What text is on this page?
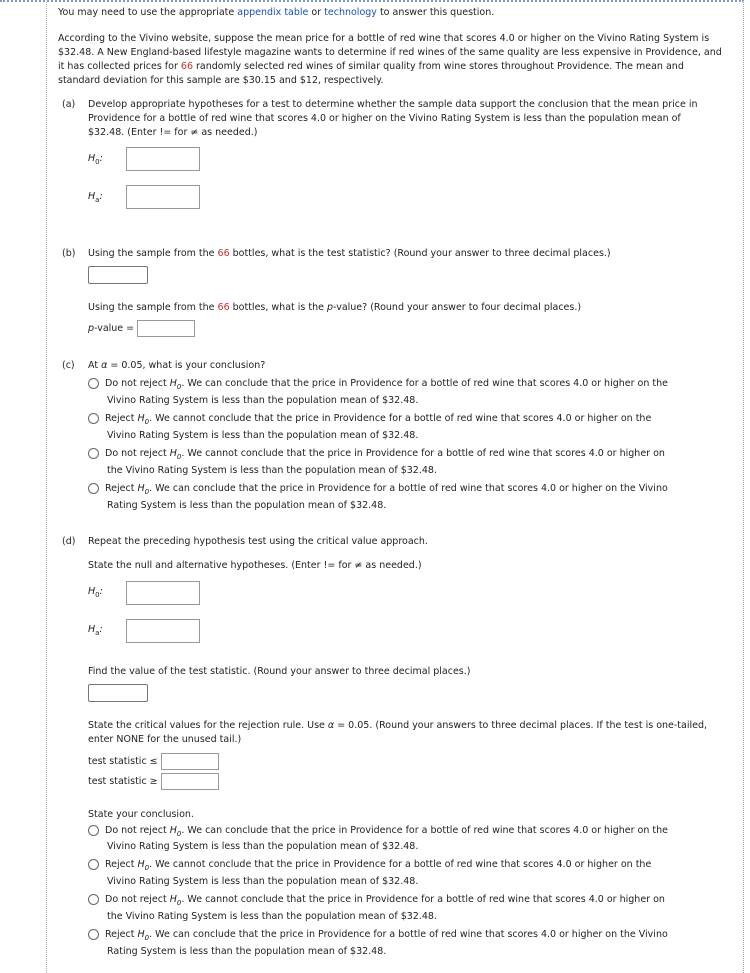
You may need to use the appropriate appendix table or technology to answer this question.
According to the Vivino website, suppose the mean price for a bottle of red wine that scores 4.0 or higher on the Vivino Rating System is $32.48. A New England-based lifestyle magazine wants to determine if red wines of the same quality are less expensive in Providence, and it has collected prices for 66 randomly selected red wines of similar quality from wine stores throughout Providence. The mean and standard deviation for this sample are $30.15 and $12, respectively.
(a) Develop appropriate hypotheses for a test to determine whether the sample data support the conclusion that the mean price in Providence for a bottle of red wine that scores 4.0 or higher on the Vivino Rating System is less than the population mean of $32.48. (Enter != for ≠ as needed.)
$H_0$:
$H_a$:
(b) Using the sample from the 66 bottles, what is the test statistic? (Round your answer to three decimal places.)
Using the sample from the 66 bottles, what is the p-value? (Round your answer to four decimal places.)
p-value =
(c) At α = 0.05, what is your conclusion?
Do not reject $H_0$. We can conclude that the price in Providence for a bottle of red wine that scores 4.0 or higher on the
Vivino Rating System is less than the population mean of $32.48.
Reject $H_0$. We cannot conclude that the price in Providence for a bottle of red wine that scores 4.0 or higher on the
Vivino Rating System is less than the population mean of $32.48.
Do not reject $H_0$. We cannot conclude that the price in Providence for a bottle of red wine that scores 4.0 or higher on
the Vivino Rating System is less than the population mean of $32.48.
Reject $H_0$. We can conclude that the price in Providence for a bottle of red wine that scores 4.0 or higher on the Vivino
Rating System is less than the population mean of $32.48.
(d) Repeat the preceding hypothesis test using the critical value approach.
State the null and alternative hypotheses. (Enter != for ≠ as needed.)
$H_0$:
$H_a$:
Find the value of the test statistic. (Round your answer to three decimal places.)
State the critical values for the rejection rule. Use α = 0.05. (Round your answers to three decimal places. If the test is one-tailed, enter NONE for the unused tail.)
test statistic ≤
test statistic ≥
State your conclusion.
Do not reject $H_0$. We can conclude that the price in Providence for a bottle of red wine that scores 4.0 or higher on the
Vivino Rating System is less than the population mean of $32.48.
Reject $H_0$. We cannot conclude that the price in Providence for a bottle of red wine that scores 4.0 or higher on the
Vivino Rating System is less than the population mean of $32.48.
Do not reject $H_0$. We cannot conclude that the price in Providence for a bottle of red wine that scores 4.0 or higher on
the Vivino Rating System is less than the population mean of $32.48.
Reject $H_0$. We can conclude that the price in Providence for a bottle of red wine that scores 4.0 or higher on the Vivino
Rating System is less than the population mean of $32.48.
